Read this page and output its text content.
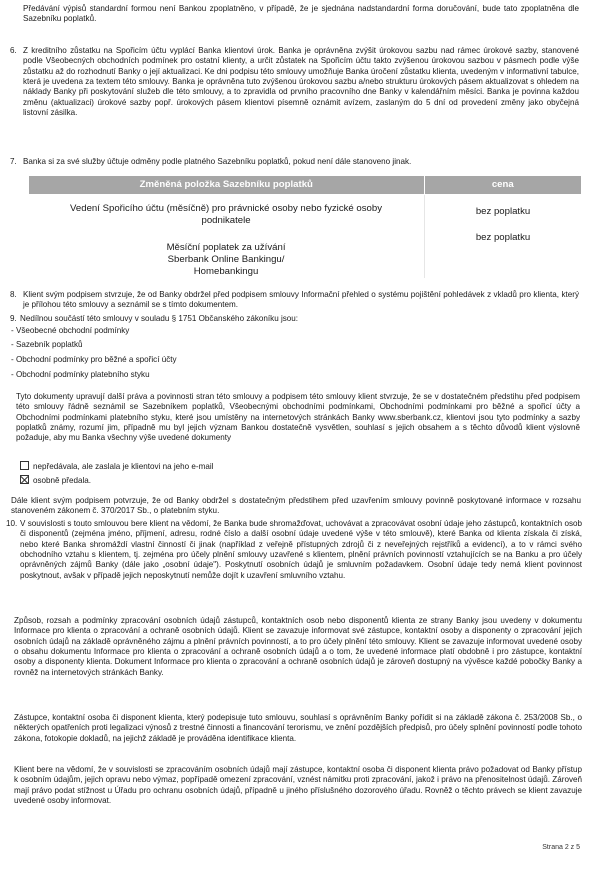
Předávání výpisů standardní formou není Bankou zpoplatněno, v případě, že je sjednána nadstandardní forma doručování, bude tato zpoplatněna dle Sazebníku poplatků.
6. Z kreditního zůstatku na Spořicím účtu vyplácí Banka klientovi úrok. Banka je oprávněna zvýšit úrokovou sazbu nad rámec úrokové sazby, stanovené podle Všeobecných obchodních podmínek pro ostatní klienty, a určit zůstatek na Spořicím účtu takto zvýšenou úrokovou sazbou v pásmech podle výše zůstatku až do rozhodnutí Banky o její aktualizaci. Ke dni podpisu této smlouvy umožňuje Banka úročení zůstatku klienta, uvedeným v informativní tabulce, která je uvedena za textem této smlouvy. Banka je oprávněna tuto zvýšenou úrokovou sazbu a/nebo strukturu úrokových pásem aktualizovat s ohledem na náklady Banky při poskytování služeb dle této smlouvy, a to zpravidla od prvního pracovního dne Banky v kalendářním měsíci. Banka je povinna každou změnu (aktualizaci) úrokové sazby popř. úrokových pásem klientovi písemně oznámit avízem, zaslaným do 5 dní od provedení změny jako obyčejná listovní zásilka.
7. Banka si za své služby účtuje odměny podle platného Sazebníku poplatků, pokud není dále stanoveno jinak.
Změněná položka Sazebníku poplatků	cena
Vedení Spořicího účtu (měsíčně) pro právnické osoby nebo fyzické osoby podnikatele	bez poplatku
Měsíční poplatek za užívání Sberbank Online Bankingu/ Homebankingu	bez poplatku
8. Klient svým podpisem stvrzuje, že od Banky obdržel před podpisem smlouvy Informační přehled o systému pojištění pohledávek z vkladů pro klienta, který je přílohou této smlouvy a seznámil se s tímto dokumentem.
9. Nedílnou součástí této smlouvy v souladu § 1751 Občanského zákoníku jsou:
- Všeobecné obchodní podmínky
- Sazebník poplatků
- Obchodní podmínky pro běžné a spořicí účty
- Obchodní podmínky platebního styku
Tyto dokumenty upravují další práva a povinnosti stran této smlouvy a podpisem této smlouvy klient stvrzuje, že se v dostatečném předstihu před podpisem této smlouvy řádně seznámil se Sazebníkem poplatků, Všeobecnými obchodními podmínkami, Obchodními podmínkami pro běžné a spořicí účty a Obchodními podmínkami platebního styku, které jsou umístěny na internetových stránkách Banky www.sberbank.cz, klientovi jsou tyto podmínky a sazby poplatků známy, rozumí jim, případně mu byl jejich význam Bankou dostatečně vysvětlen, souhlasí s jejich obsahem a s těchto důvodů klient výslovně požaduje, aby mu Banka všechny výše uvedené dokumenty
nepředávala, ale zaslala je klientovi na jeho e-mail
osobně předala.
Dále klient svým podpisem potvrzuje, že od Banky obdržel s dostatečným předstihem před uzavřením smlouvy povinně poskytované informace v rozsahu stanoveném zákonem č. 370/2017 Sb., o platebním styku.
10. V souvislosti s touto smlouvou bere klient na vědomí, že Banka bude shromažďovat, uchovávat a zpracovávat osobní údaje jeho zástupců, kontaktních osob či disponentů (zejména jméno, příjmení, adresu, rodné číslo a další osobní údaje uvedené výše v této smlouvě), které Banka od klienta získala či získá, nebo které Banka shromáždí vlastní činností či jinak (například z veřejně přístupných zdrojů či z neveřejných rejstříků a evidencí), a to v rámci svého obchodního vztahu s klientem, tj. zejména pro účely plnění smlouvy uzavřené s klientem, plnění právních povinností vztahujících se na Banku a pro účely oprávněných zájmů Banky (dále jako „osobní údaje"). Poskytnutí osobních údajů je smluvním požadavkem. Osobní údaje tedy nemá klient povinnost poskytnout, avšak v případě jejich neposkytnutí nemůže dojít k uzavření smluvního vztahu.
Způsob, rozsah a podmínky zpracování osobních údajů zástupců, kontaktních osob nebo disponentů klienta ze strany Banky jsou uvedeny v dokumentu Informace pro klienta o zpracování a ochraně osobních údajů. Klient se zavazuje informovat své zástupce, kontaktní osoby a disponenty o zpracování jejich osobních údajů na základě oprávněného zájmu a plnění právních povinností, a to pro účely plnění této smlouvy. Klient se zavazuje informovat uvedené osoby o obsahu dokumentu Informace pro klienta o zpracování a ochraně osobních údajů a o tom, že uvedené informace platí obdobně i pro zástupce, kontaktní osoby a disponenty klienta. Dokument Informace pro klienta o zpracování a ochraně osobních údajů je zároveň dostupný na vývěsce každé pobočky Banky a rovněž na internetových stránkách Banky.
Zástupce, kontaktní osoba či disponent klienta, který podepisuje tuto smlouvu, souhlasí s oprávněním Banky pořídit si na základě zákona č. 253/2008 Sb., o některých opatřeních proti legalizaci výnosů z trestné činnosti a financování terorismu, ve znění pozdějších předpisů, pro účely splnění povinností podle tohoto zákona, fotokopie dokladů, na jejichž základě je prováděna identifikace klienta.
Klient bere na vědomí, že v souvislosti se zpracováním osobních údajů mají zástupce, kontaktní osoba či disponent klienta právo požadovat od Banky přístup k osobním údajům, jejich opravu nebo výmaz, popřípadě omezení zpracování, vznést námitku proti zpracování, jakož i právo na přenositelnost údajů. Zároveň mají právo podat stížnost u Úřadu pro ochranu osobních údajů, případně u jiného příslušného dozorového úřadu. Rovněž o těchto právech se klient zavazuje uvedené osoby informovat.
Strana 2 z 5
